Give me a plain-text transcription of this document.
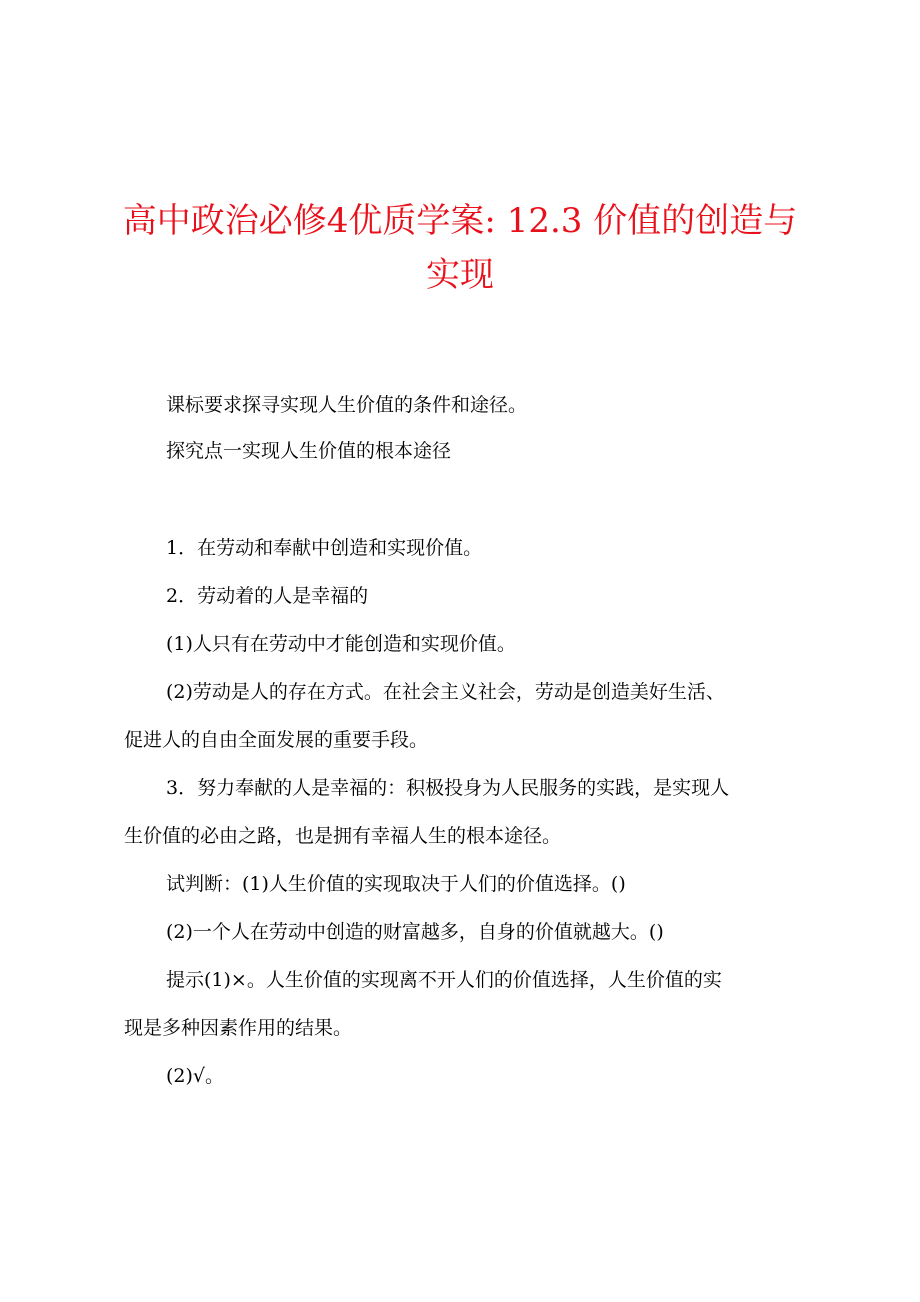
高中政治必修4优质学案: 12.3 价值的创造与
实现
课标要求探寻实现人生价值的条件和途径。
探究点一实现人生价值的根本途径
1．在劳动和奉献中创造和实现价值。
2．劳动着的人是幸福的
(1)人只有在劳动中才能创造和实现价值。
(2)劳动是人的存在方式。在社会主义社会，劳动是创造美好生活、
促进人的自由全面发展的重要手段。
3．努力奉献的人是幸福的：积极投身为人民服务的实践，是实现人
生价值的必由之路，也是拥有幸福人生的根本途径。
试判断：(1)人生价值的实现取决于人们的价值选择。()
(2)一个人在劳动中创造的财富越多，自身的价值就越大。()
提示(1)×。人生价值的实现离不开人们的价值选择，人生价值的实
现是多种因素作用的结果。
(2)√。
